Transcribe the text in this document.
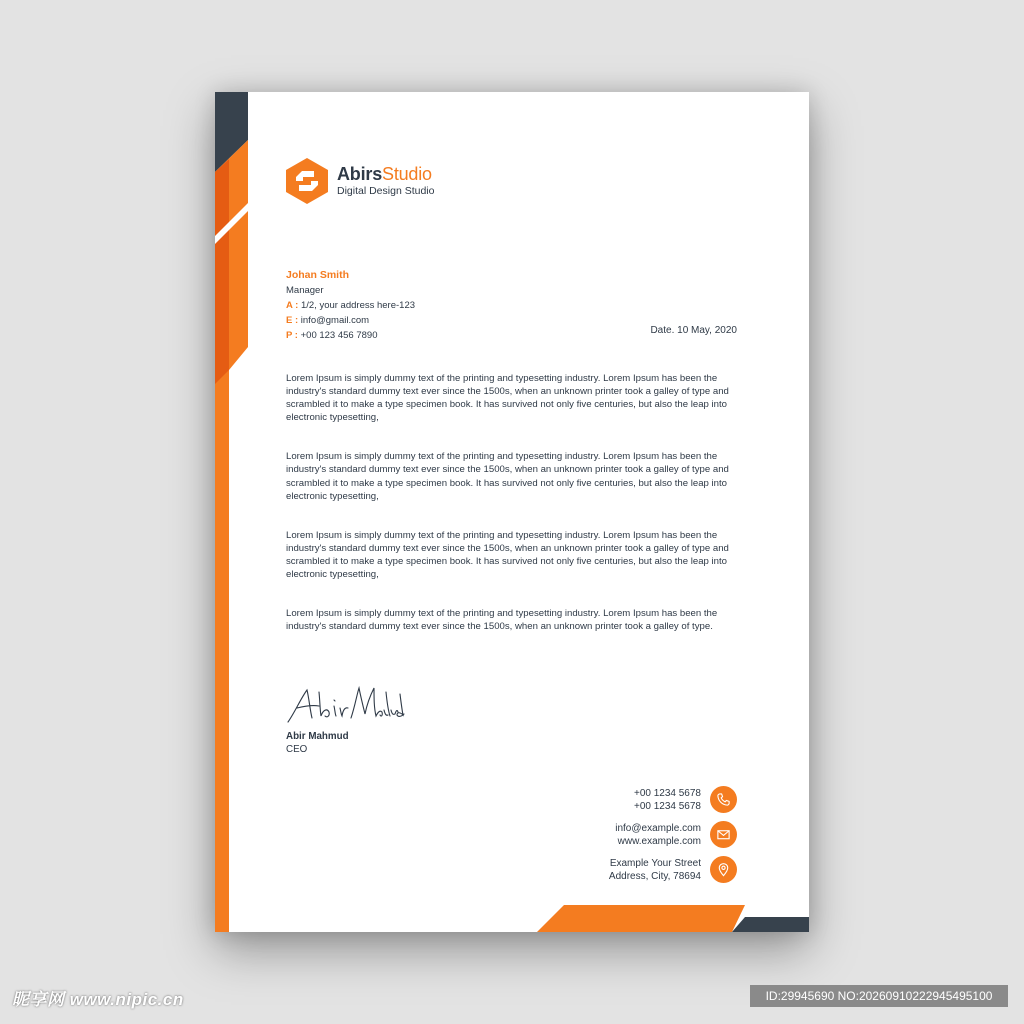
AbirsStudio
Digital Design Studio
Johan Smith
Manager
A : 1/2, your address here-123
E : info@gmail.com
P : +00 123 456 7890	Date. 10 May, 2020

Lorem Ipsum is simply dummy text of the printing and typesetting industry. Lorem Ipsum has been the industry's standard dummy text ever since the 1500s, when an unknown printer took a galley of type and scrambled it to make a type specimen book. It has survived not only five centuries, but also the leap into electronic typesetting,

Lorem Ipsum is simply dummy text of the printing and typesetting industry. Lorem Ipsum has been the industry's standard dummy text ever since the 1500s, when an unknown printer took a galley of type and scrambled it to make a type specimen book. It has survived not only five centuries, but also the leap into electronic typesetting,

Lorem Ipsum is simply dummy text of the printing and typesetting industry. Lorem Ipsum has been the industry's standard dummy text ever since the 1500s, when an unknown printer took a galley of type and scrambled it to make a type specimen book. It has survived not only five centuries, but also the leap into electronic typesetting,

Lorem Ipsum is simply dummy text of the printing and typesetting industry. Lorem Ipsum has been the industry's standard dummy text ever since the 1500s, when an unknown printer took a galley of type.

Abir Mahmud
CEO
+00 1234 5678
+00 1234 5678
info@example.com
www.example.com
Example Your Street
Address, City, 78694
昵享网 www.nipic.cn	ID:29945690 NO:20260910222945495100
